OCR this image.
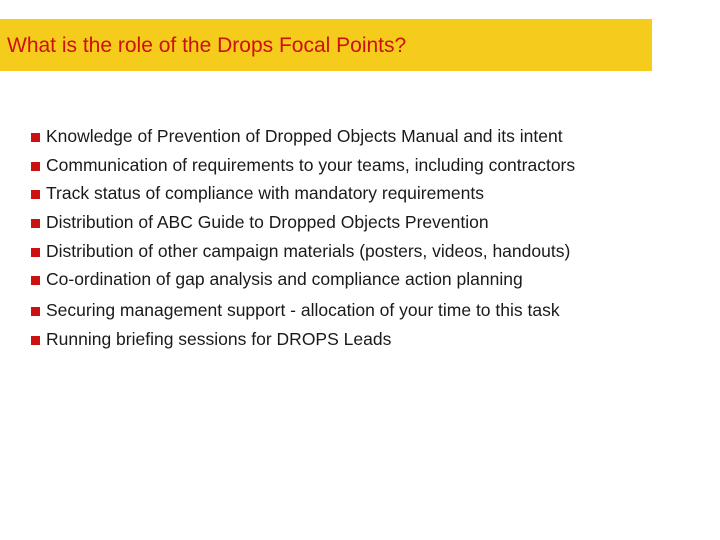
What is the role of the Drops Focal Points?
Knowledge of Prevention of Dropped Objects Manual and its intent
Communication of requirements to your teams, including contractors
Track status of compliance with mandatory requirements
Distribution of ABC Guide to Dropped Objects Prevention
Distribution of other campaign materials (posters, videos, handouts)
Co-ordination of gap analysis and compliance action planning
Securing management support - allocation of your time to this task
Running briefing sessions for DROPS Leads
